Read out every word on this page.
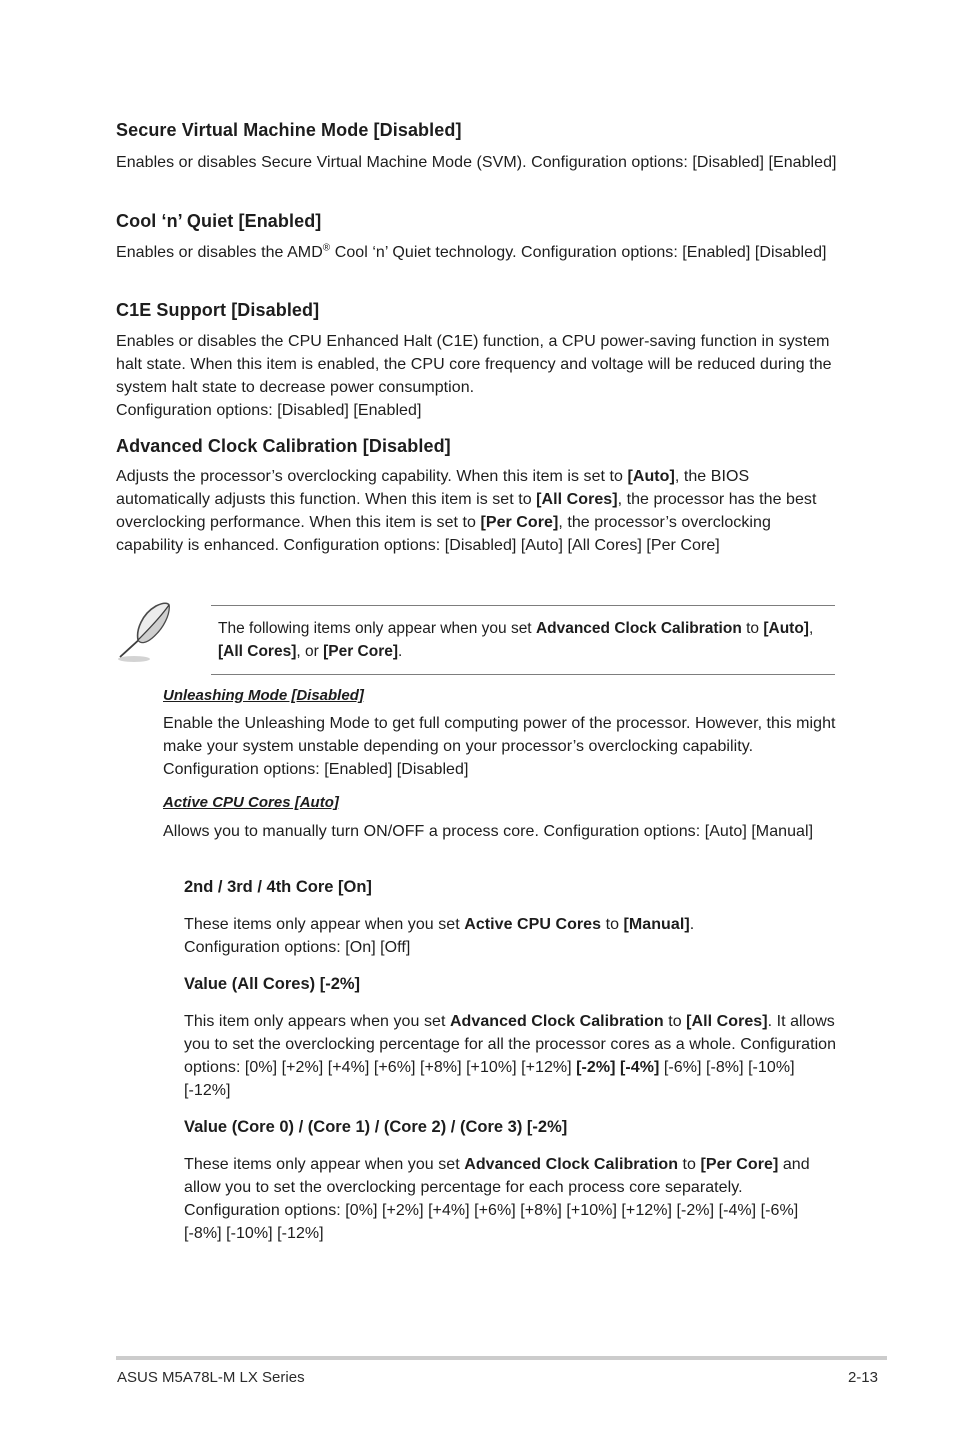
Secure Virtual Machine Mode [Disabled]

Enables or disables Secure Virtual Machine Mode (SVM). Configuration options: [Disabled] [Enabled]

Cool ‘n’ Quiet [Enabled]

Enables or disables the AMD® Cool ‘n’ Quiet technology. Configuration options: [Enabled] [Disabled]

C1E Support [Disabled]

Enables or disables the CPU Enhanced Halt (C1E) function, a CPU power-saving function in system halt state. When this item is enabled, the CPU core frequency and voltage will be reduced during the system halt state to decrease power consumption.
Configuration options: [Disabled] [Enabled]

Advanced Clock Calibration [Disabled]

Adjusts the processor’s overclocking capability. When this item is set to [Auto], the BIOS automatically adjusts this function. When this item is set to [All Cores], the processor has the best overclocking performance. When this item is set to [Per Core], the processor’s overclocking capability is enhanced. Configuration options: [Disabled] [Auto] [All Cores] [Per Core]

The following items only appear when you set Advanced Clock Calibration to [Auto], [All Cores], or [Per Core].
Unleashing Mode [Disabled]

Enable the Unleashing Mode to get full computing power of the processor. However, this might make your system unstable depending on your processor’s overclocking capability. Configuration options: [Enabled] [Disabled]

Active CPU Cores [Auto]

Allows you to manually turn ON/OFF a process core. Configuration options: [Auto] [Manual]

2nd / 3rd / 4th Core [On]

These items only appear when you set Active CPU Cores to [Manual].
Configuration options: [On] [Off]

Value (All Cores) [-2%]

This item only appears when you set Advanced Clock Calibration to [All Cores]. It allows you to set the overclocking percentage for all the processor cores as a whole. Configuration options: [0%] [+2%] [+4%] [+6%] [+8%] [+10%] [+12%] [-2%] [-4%] [-6%] [-8%] [-10%] [-12%]

Value (Core 0) / (Core 1) / (Core 2) / (Core 3) [-2%]

These items only appear when you set Advanced Clock Calibration to [Per Core] and allow you to set the overclocking percentage for each process core separately. Configuration options: [0%] [+2%] [+4%] [+6%] [+8%] [+10%] [+12%] [-2%] [-4%] [-6%] [-8%] [-10%] [-12%]

ASUS M5A78L-M LX Series	2-13
